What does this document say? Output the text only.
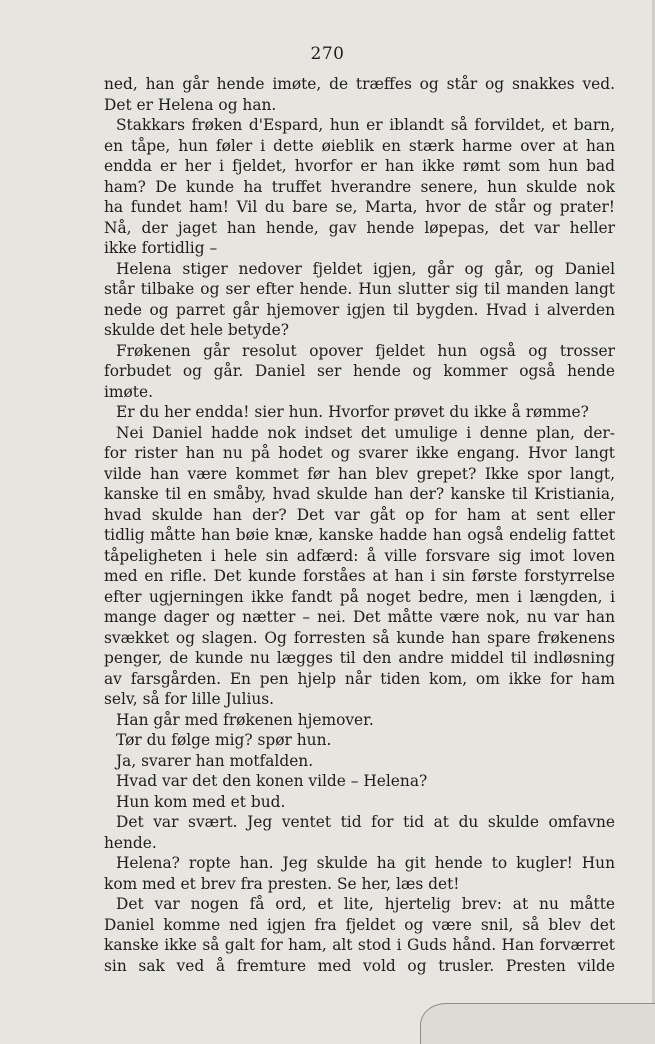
270
ned, han går hende imøte, de træffes og står og snakkes ved.
Det er Helena og han.
Stakkars frøken d'Espard, hun er iblandt så forvildet, et barn,
en tåpe, hun føler i dette øieblik en stærk harme over at han
endda er her i fjeldet, hvorfor er han ikke rømt som hun bad
ham? De kunde ha truffet hverandre senere, hun skulde nok
ha fundet ham! Vil du bare se, Marta, hvor de står og prater!
Nå, der jaget han hende, gav hende løpepas, det var heller
ikke fortidlig –
Helena stiger nedover fjeldet igjen, går og går, og Daniel
står tilbake og ser efter hende. Hun slutter sig til manden langt
nede og parret går hjemover igjen til bygden. Hvad i alverden
skulde det hele betyde?
Frøkenen går resolut opover fjeldet hun også og trosser
forbudet og går. Daniel ser hende og kommer også hende
imøte.
Er du her endda! sier hun. Hvorfor prøvet du ikke å rømme?
Nei Daniel hadde nok indset det umulige i denne plan, der-
for rister han nu på hodet og svarer ikke engang. Hvor langt
vilde han være kommet før han blev grepet? Ikke spor langt,
kanske til en småby, hvad skulde han der? kanske til Kristiania,
hvad skulde han der? Det var gåt op for ham at sent eller
tidlig måtte han bøie knæ, kanske hadde han også endelig fattet
tåpeligheten i hele sin adfærd: å ville forsvare sig imot loven
med en rifle. Det kunde forståes at han i sin første forstyrrelse
efter ugjerningen ikke fandt på noget bedre, men i længden, i
mange dager og nætter – nei. Det måtte være nok, nu var han
svækket og slagen. Og forresten så kunde han spare frøkenens
penger, de kunde nu lægges til den andre middel til indløsning
av farsgården. En pen hjelp når tiden kom, om ikke for ham
selv, så for lille Julius.
Han går med frøkenen hjemover.
Tør du følge mig? spør hun.
Ja, svarer han motfalden.
Hvad var det den konen vilde – Helena?
Hun kom med et bud.
Det var svært. Jeg ventet tid for tid at du skulde omfavne
hende.
Helena? ropte han. Jeg skulde ha git hende to kugler! Hun
kom med et brev fra presten. Se her, læs det!
Det var nogen få ord, et lite, hjertelig brev: at nu måtte
Daniel komme ned igjen fra fjeldet og være snil, så blev det
kanske ikke så galt for ham, alt stod i Guds hånd. Han forværret
sin sak ved å fremture med vold og trusler. Presten vilde
